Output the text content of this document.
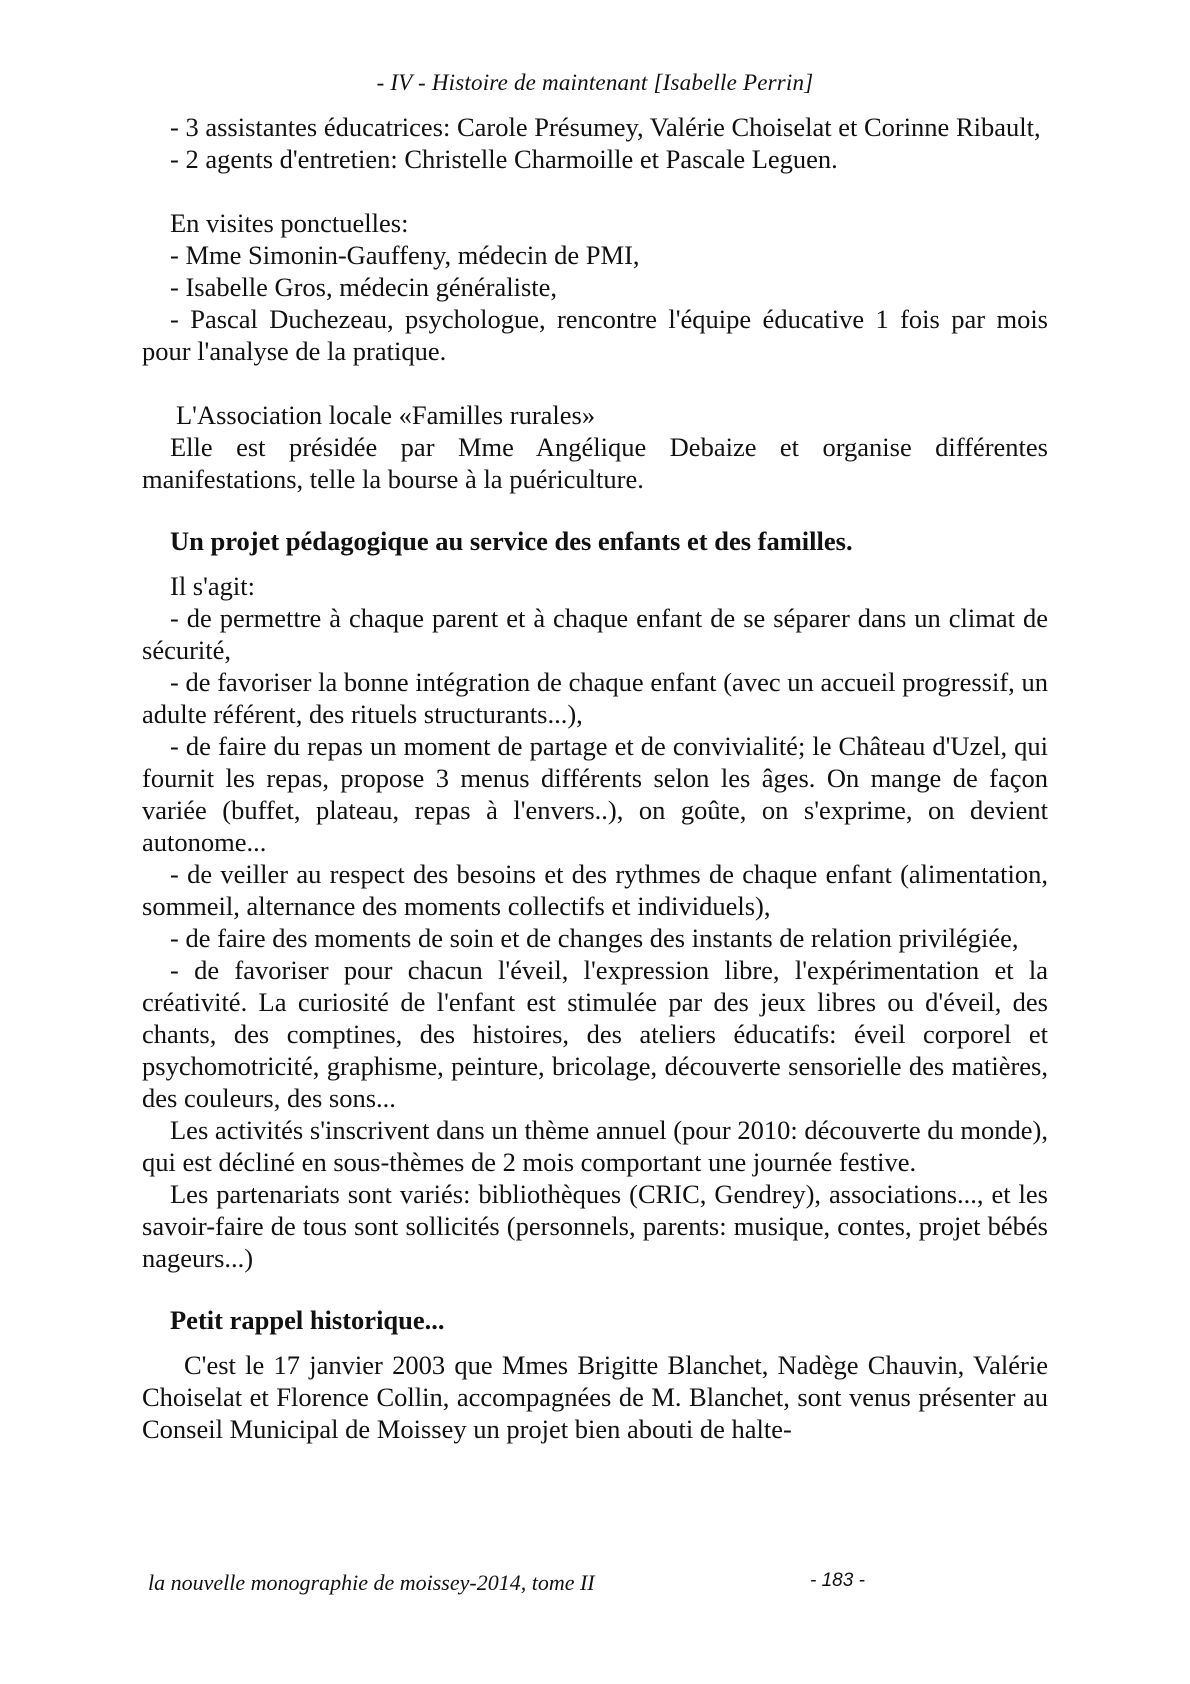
- IV - Histoire de maintenant [Isabelle Perrin]

- 3 assistantes éducatrices: Carole Présumey, Valérie Choiselat et Corinne Ribault,

- 2 agents d'entretien: Christelle Charmoille et Pascale Leguen.

En visites ponctuelles:

- Mme Simonin-Gauffeny, médecin de PMI,

- Isabelle Gros, médecin généraliste,

- Pascal Duchezeau, psychologue, rencontre l'équipe éducative 1 fois par mois pour l'analyse de la pratique.

L'Association locale «Familles rurales»

Elle est présidée par Mme Angélique Debaize et organise différentes manifestations, telle la bourse à la puériculture.

Un projet pédagogique au service des enfants et des familles.

Il s'agit:

- de permettre à chaque parent et à chaque enfant de se séparer dans un climat de sécurité,

- de favoriser la bonne intégration de chaque enfant (avec un accueil progressif, un adulte référent, des rituels structurants...),

- de faire du repas un moment de partage et de convivialité; le Château d'Uzel, qui fournit les repas, propose 3 menus différents selon les âges. On mange de façon variée (buffet, plateau, repas à l'envers..), on goûte, on s'exprime, on devient autonome...

- de veiller au respect des besoins et des rythmes de chaque enfant (alimentation, sommeil, alternance des moments collectifs et individuels),

- de faire des moments de soin et de changes des instants de relation privilégiée,

- de favoriser pour chacun l'éveil, l'expression libre, l'expérimentation et la créativité. La curiosité de l'enfant est stimulée par des jeux libres ou d'éveil, des chants, des comptines, des histoires, des ateliers éducatifs: éveil corporel et psychomotricité, graphisme, peinture, bricolage, découverte sensorielle des matières, des couleurs, des sons...

Les activités s'inscrivent dans un thème annuel (pour 2010: découverte du monde), qui est décliné en sous-thèmes de 2 mois comportant une journée festive.

Les partenariats sont variés: bibliothèques (CRIC, Gendrey), associations..., et les savoir-faire de tous sont sollicités (personnels, parents: musique, contes, projet bébés nageurs...)

Petit rappel historique...

C'est le 17 janvier 2003 que Mmes Brigitte Blanchet, Nadège Chauvin, Valérie Choiselat et Florence Collin, accompagnées de M. Blanchet, sont venus présenter au Conseil Municipal de Moissey un projet bien abouti de halte-

la nouvelle monographie de moissey-2014, tome II	- 183 -
